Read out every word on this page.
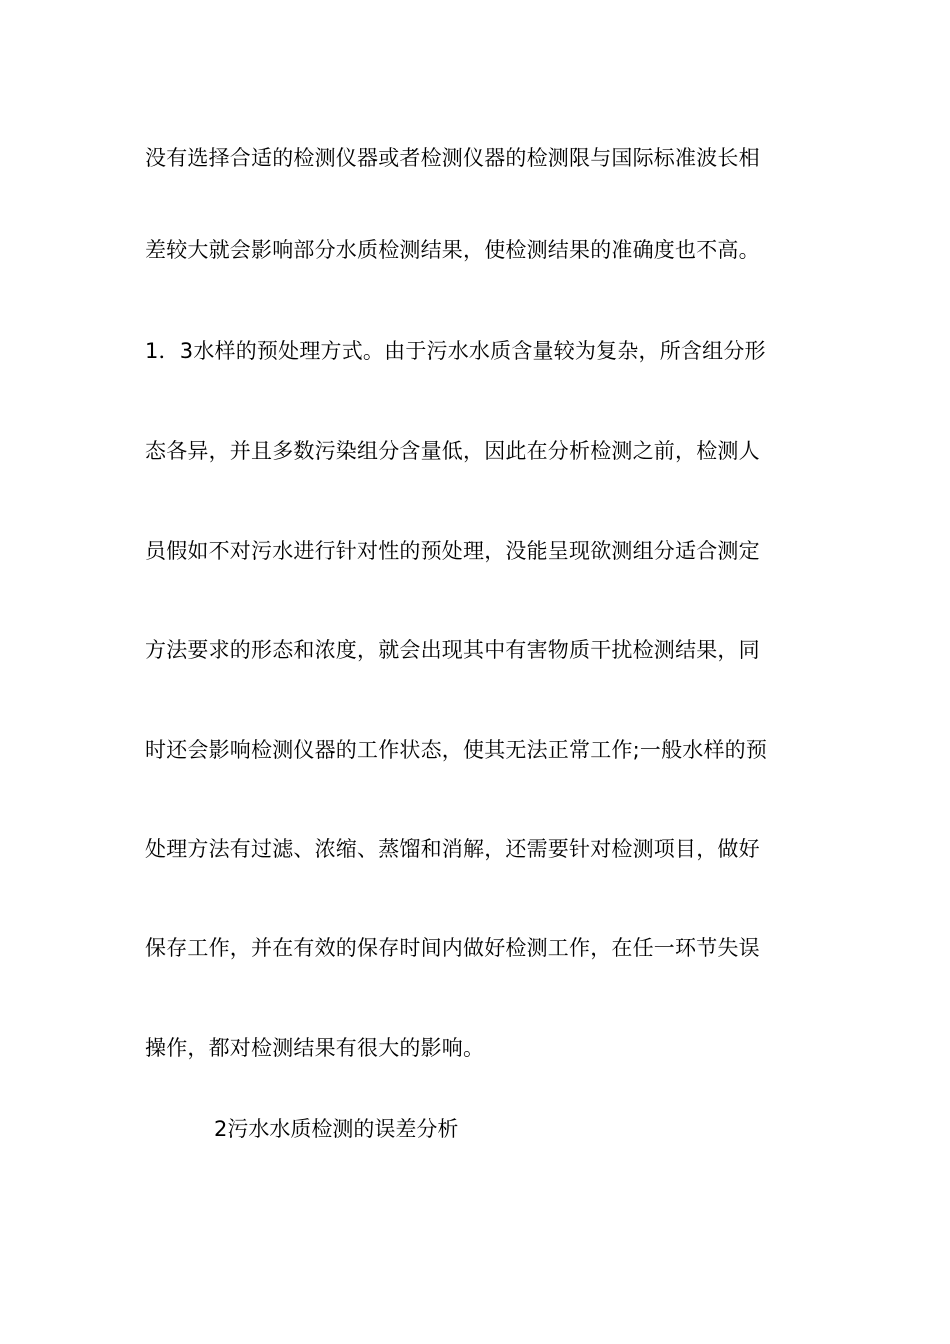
没有选择合适的检测仪器或者检测仪器的检测限与国际标准波长相
差较大就会影响部分水质检测结果，使检测结果的准确度也不高。
1．3水样的预处理方式。由于污水水质含量较为复杂，所含组分形
态各异，并且多数污染组分含量低，因此在分析检测之前，检测人
员假如不对污水进行针对性的预处理，没能呈现欲测组分适合测定
方法要求的形态和浓度，就会出现其中有害物质干扰检测结果，同
时还会影响检测仪器的工作状态，使其无法正常工作;一般水样的预
处理方法有过滤、浓缩、蒸馏和消解，还需要针对检测项目，做好
保存工作，并在有效的保存时间内做好检测工作，在任一环节失误
操作，都对检测结果有很大的影响。
2污水水质检测的误差分析
